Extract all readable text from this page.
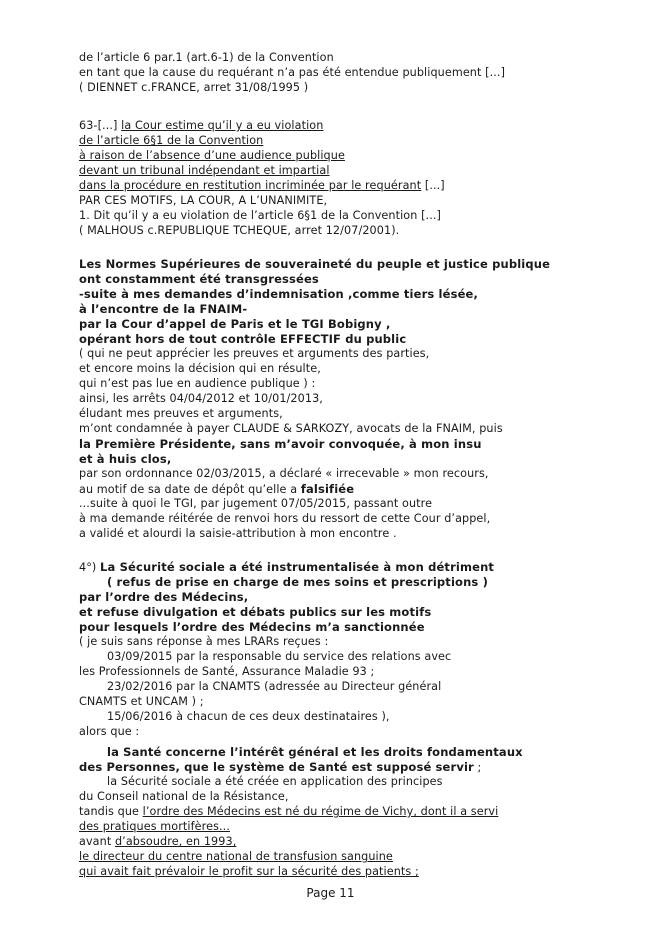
de l’article 6 par.1 (art.6-1) de la Convention
en tant que la cause du requérant n’a pas été entendue publiquement [...]
( DIENNET c.FRANCE, arret 31/08/1995 )
63-[...] la Cour estime qu’il y a eu violation
de l’article 6§1 de la Convention
à raison de l’absence d’une audience publique
devant un tribunal indépendant et impartial
dans la procédure en restitution incriminée par le requérant [...]
PAR CES MOTIFS, LA COUR, A L’UNANIMITE,
1. Dit qu’il y a eu violation de l’article 6§1 de la Convention [...]
( MALHOUS c.REPUBLIQUE TCHEQUE, arret 12/07/2001).
Les Normes Supérieures de souveraineté du peuple et justice publique
ont constamment été transgressées
-suite à mes demandes d’indemnisation ,comme tiers lésée,
à l’encontre de la FNAIM-
par la Cour d’appel de Paris et le TGI Bobigny ,
opérant hors de tout contrôle EFFECTIF du public
( qui ne peut apprécier les preuves et arguments des parties,
et encore moins la décision qui en résulte,
qui n’est pas lue en audience publique ) :
ainsi, les arrêts 04/04/2012 et 10/01/2013,
éludant mes preuves et arguments,
m’ont condamnée à payer CLAUDE & SARKOZY, avocats de la FNAIM, puis
la Première Présidente, sans m’avoir convoquée, à mon insu
et à huis clos,
par son ordonnance 02/03/2015, a déclaré « irrecevable » mon recours,
au motif de sa date de dépôt qu’elle a falsifiée
...suite à quoi le TGI, par jugement 07/05/2015, passant outre
à ma demande réitérée de renvoi hors du ressort de cette Cour d’appel,
a validé et alourdi la saisie-attribution à mon encontre .
4°) La Sécurité sociale a été instrumentalisée à mon détriment
( refus de prise en charge de mes soins et prescriptions )
par l’ordre des Médecins,
et refuse divulgation et débats publics sur les motifs
pour lesquels l’ordre des Médecins m’a sanctionnée
( je suis sans réponse à mes LRARs reçues :
03/09/2015 par la responsable du service des relations avec
les Professionnels de Santé, Assurance Maladie 93 ;
23/02/2016 par la CNAMTS (adressée au Directeur général
CNAMTS et UNCAM ) ;
15/06/2016 à chacun de ces deux destinataires ),
alors que :
la Santé concerne l’intérêt général et les droits fondamentaux
des Personnes, que le système de Santé est supposé servir ;
la Sécurité sociale a été créée en application des principes
du Conseil national de la Résistance,
tandis que l’ordre des Médecins est né du régime de Vichy, dont il a servi
des pratiques mortifères...
avant d’absoudre, en 1993,
le directeur du centre national de transfusion sanguine
qui avait fait prévaloir le profit sur la sécurité des patients ;
Page 11
